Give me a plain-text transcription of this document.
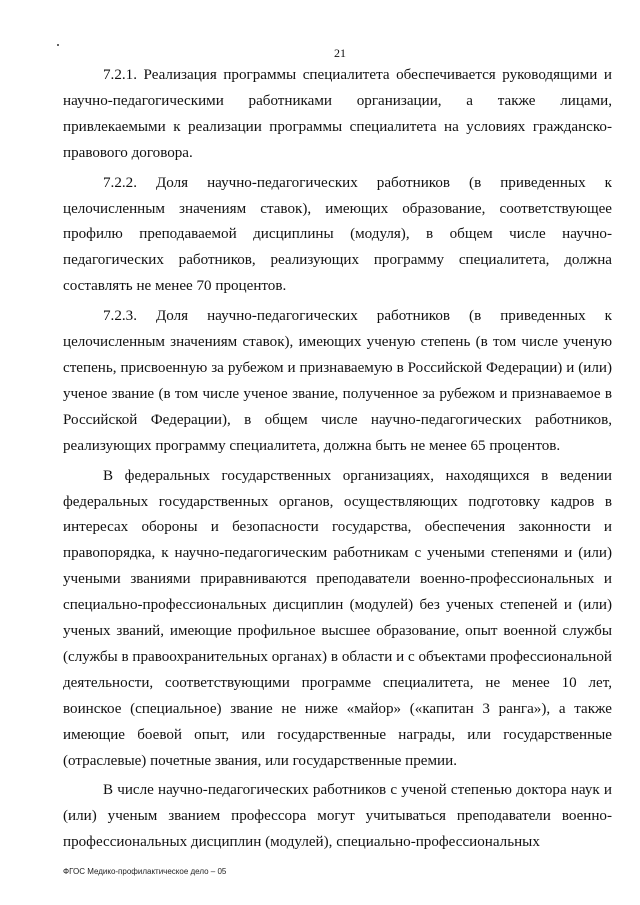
21

7.2.1. Реализация программы специалитета обеспечивается руководящими и научно-педагогическими работниками организации, а также лицами, привлекаемыми к реализации программы специалитета на условиях гражданско-правового договора.

7.2.2. Доля научно-педагогических работников (в приведенных к целочисленным значениям ставок), имеющих образование, соответствующее профилю преподаваемой дисциплины (модуля), в общем числе научно-педагогических работников, реализующих программу специалитета, должна составлять не менее 70 процентов.

7.2.3. Доля научно-педагогических работников (в приведенных к целочисленным значениям ставок), имеющих ученую степень (в том числе ученую степень, присвоенную за рубежом и признаваемую в Российской Федерации) и (или) ученое звание (в том числе ученое звание, полученное за рубежом и признаваемое в Российской Федерации), в общем числе научно-педагогических работников, реализующих программу специалитета, должна быть не менее 65 процентов.

В федеральных государственных организациях, находящихся в ведении федеральных государственных органов, осуществляющих подготовку кадров в интересах обороны и безопасности государства, обеспечения законности и правопорядка, к научно-педагогическим работникам с учеными степенями и (или) учеными званиями приравниваются преподаватели военно-профессиональных и специально-профессиональных дисциплин (модулей) без ученых степеней и (или) ученых званий, имеющие профильное высшее образование, опыт военной службы (службы в правоохранительных органах) в области и с объектами профессиональной деятельности, соответствующими программе специалитета, не менее 10 лет, воинское (специальное) звание не ниже «майор» («капитан 3 ранга»), а также имеющие боевой опыт, или государственные награды, или государственные (отраслевые) почетные звания, или государственные премии.

В числе научно-педагогических работников с ученой степенью доктора наук и (или) ученым званием профессора могут учитываться преподаватели военно-профессиональных дисциплин (модулей), специально-профессиональных

ФГОС Медико-профилактическое дело – 05
